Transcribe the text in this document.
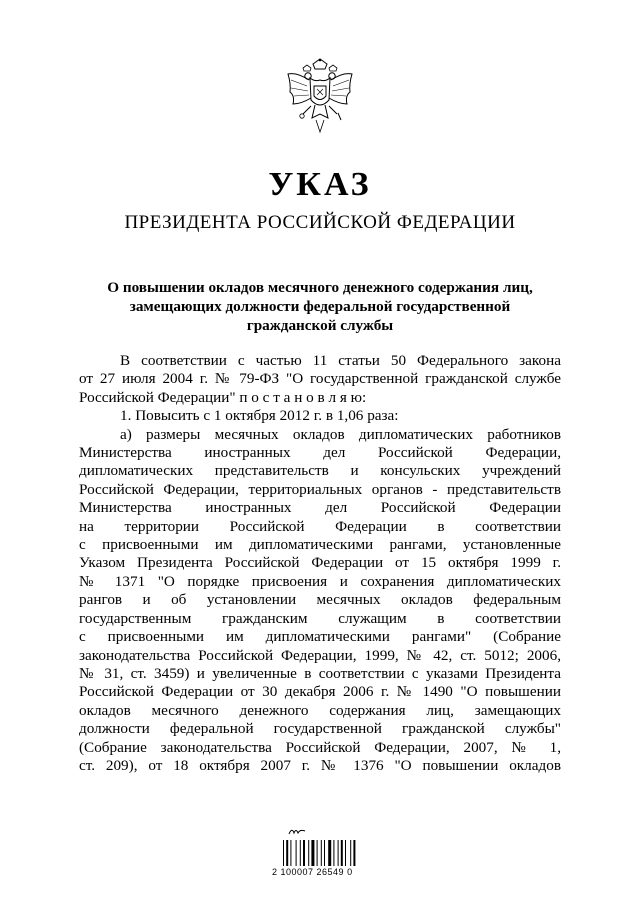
УКАЗ
ПРЕЗИДЕНТА РОССИЙСКОЙ ФЕДЕРАЦИИ
О повышении окладов месячного денежного содержания лиц,
замещающих должности федеральной государственной
гражданской службы
В соответствии с частью 11 статьи 50 Федерального закона
от 27 июля 2004 г. № 79-ФЗ "О государственной гражданской службе
Российской Федерации" п о с т а н о в л я ю:
1. Повысить с 1 октября 2012 г. в 1,06 раза:
а) размеры месячных окладов дипломатических работников
Министерства иностранных дел Российской Федерации,
дипломатических представительств и консульских учреждений
Российской Федерации, территориальных органов - представительств
Министерства иностранных дел Российской Федерации
на территории Российской Федерации в соответствии
с присвоенными им дипломатическими рангами, установленные
Указом Президента Российской Федерации от 15 октября 1999 г.
№ 1371 "О порядке присвоения и сохранения дипломатических
рангов и об установлении месячных окладов федеральным
государственным гражданским служащим в соответствии
с присвоенными им дипломатическими рангами" (Собрание
законодательства Российской Федерации, 1999, № 42, ст. 5012; 2006,
№ 31, ст. 3459) и увеличенные в соответствии с указами Президента
Российской Федерации от 30 декабря 2006 г. № 1490 "О повышении
окладов месячного денежного содержания лиц, замещающих
должности федеральной государственной гражданской службы"
(Собрание законодательства Российской Федерации, 2007, № 1,
ст. 209), от 18 октября 2007 г. № 1376 "О повышении окладов
2 100007 26549 0
